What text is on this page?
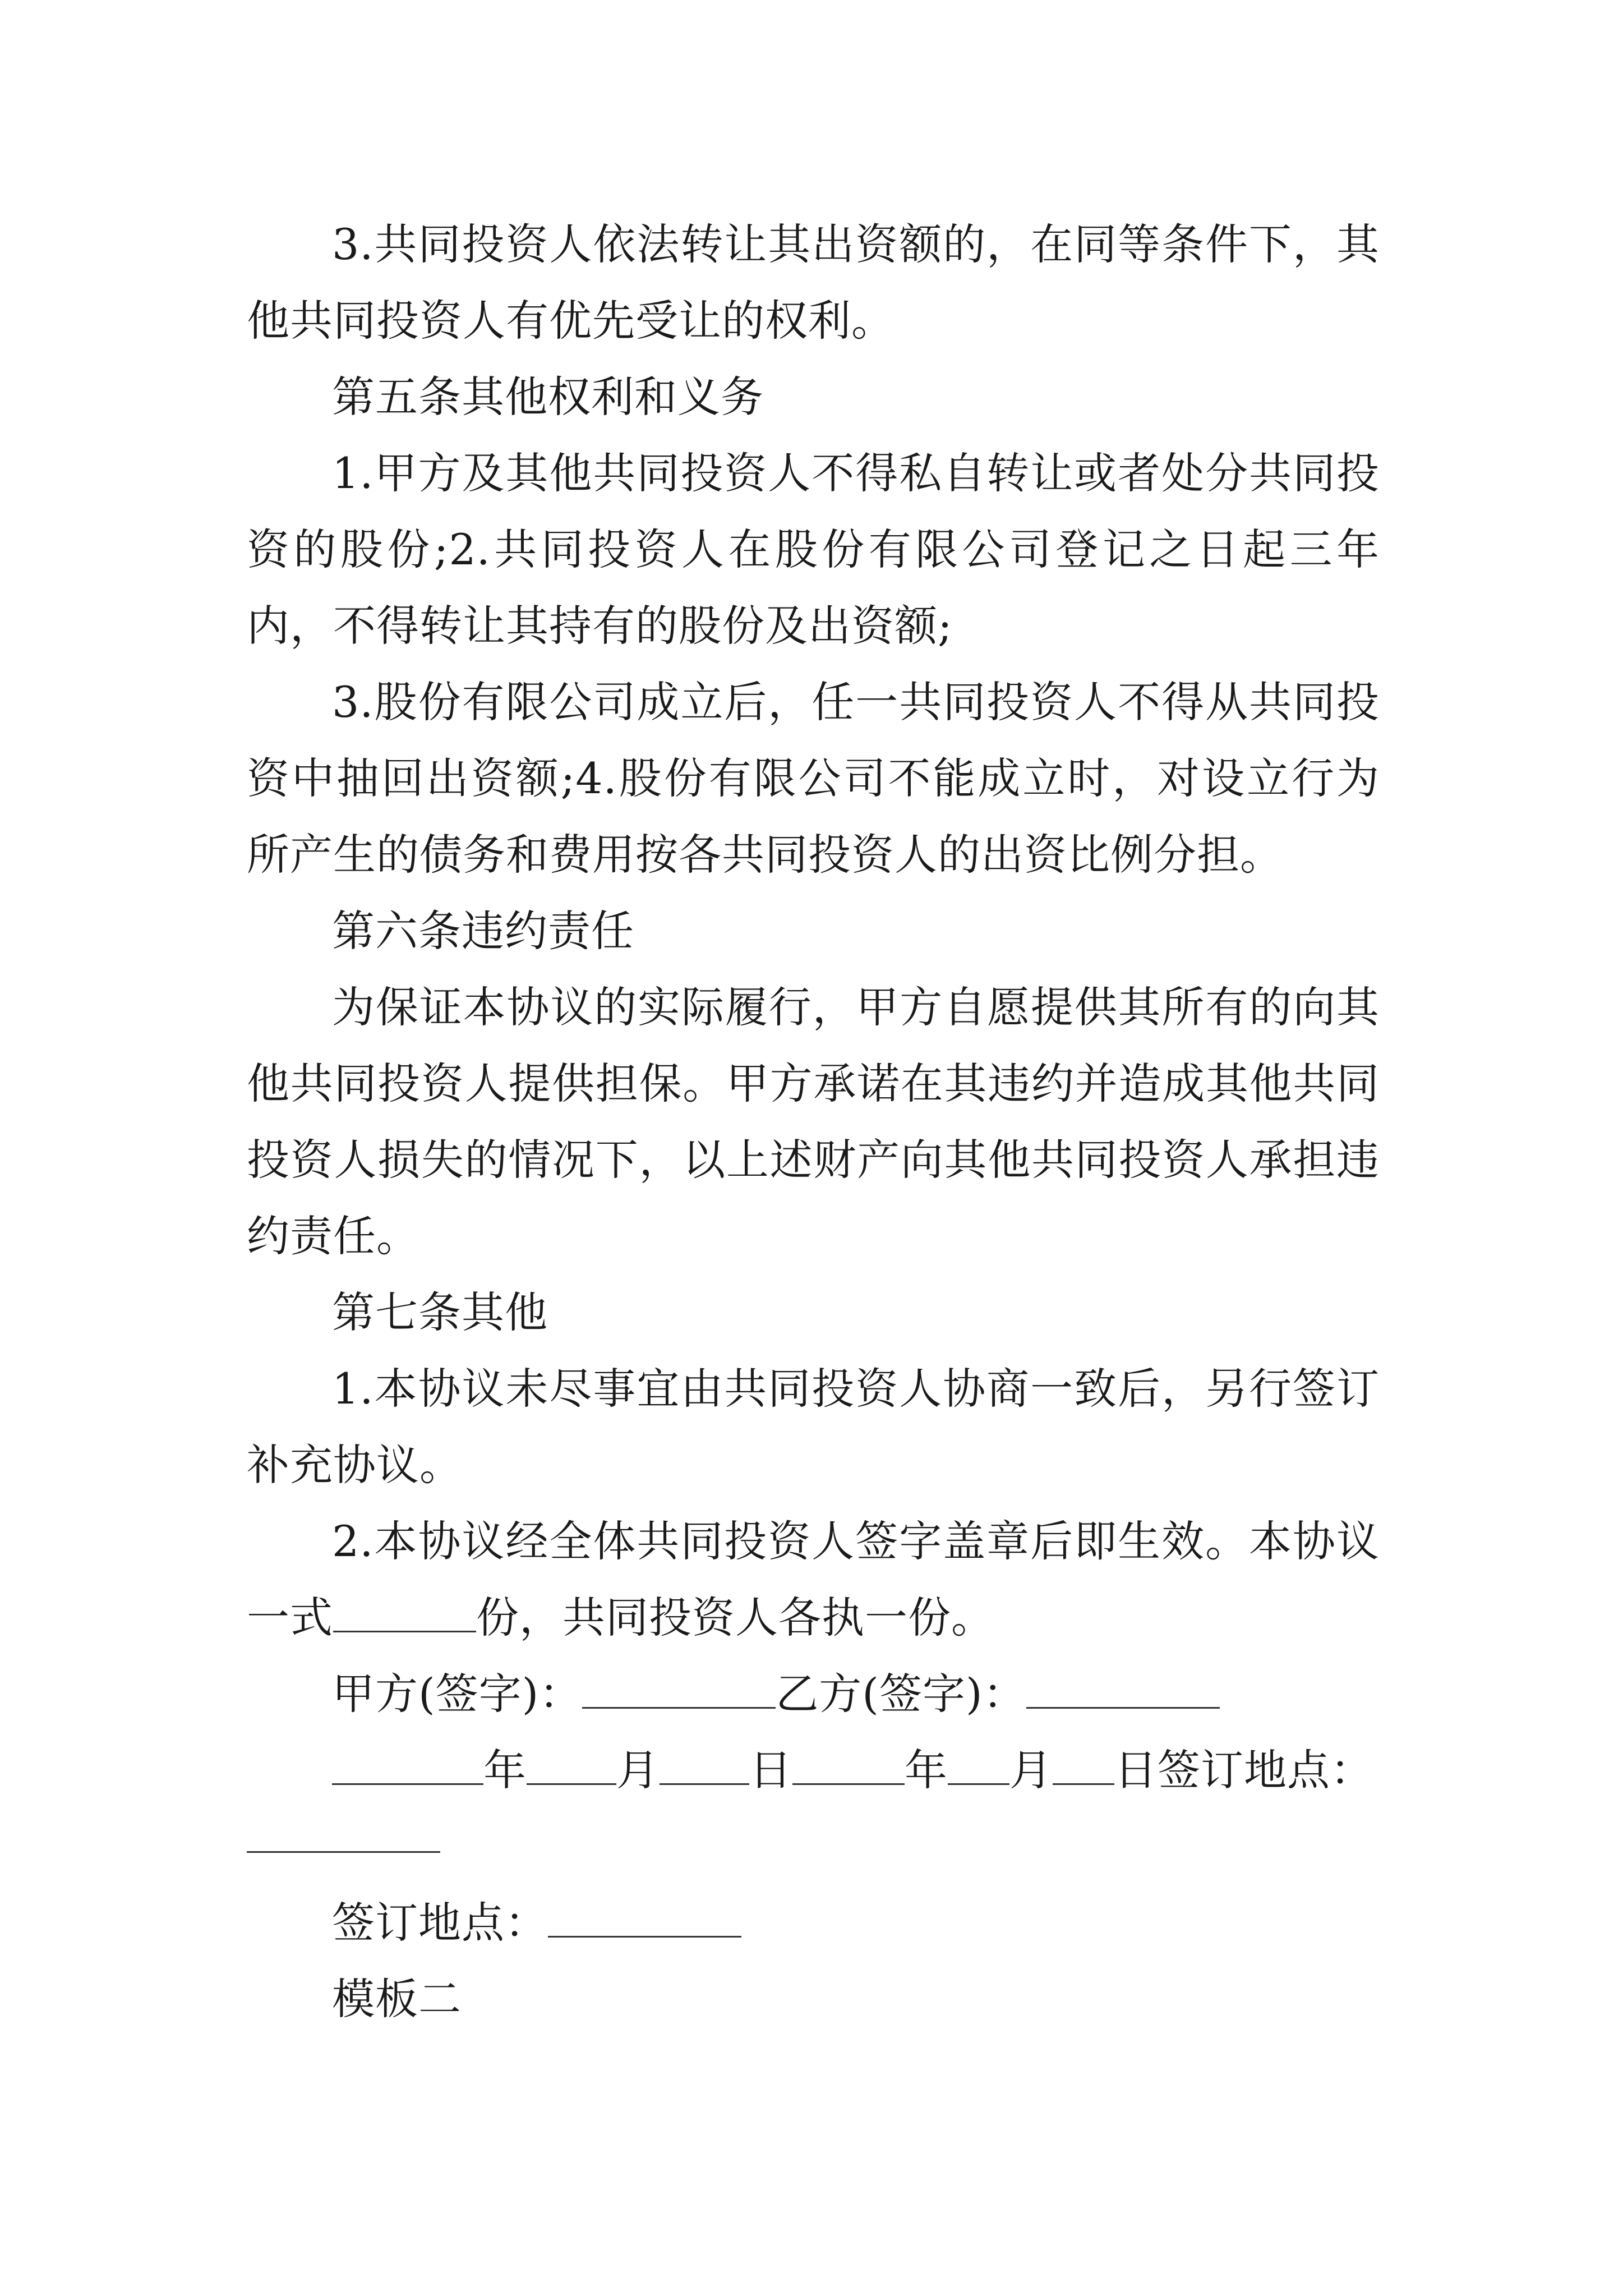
3.共同投资人依法转让其出资额的，在同等条件下，其他共同投资人有优先受让的权利。

第五条其他权利和义务

1.甲方及其他共同投资人不得私自转让或者处分共同投资的股份;2.共同投资人在股份有限公司登记之日起三年内，不得转让其持有的股份及出资额;

3.股份有限公司成立后，任一共同投资人不得从共同投资中抽回出资额;4.股份有限公司不能成立时，对设立行为所产生的债务和费用按各共同投资人的出资比例分担。

第六条违约责任

为保证本协议的实际履行，甲方自愿提供其所有的向其他共同投资人提供担保。甲方承诺在其违约并造成其他共同投资人损失的情况下，以上述财产向其他共同投资人承担违约责任。

第七条其他

1.本协议未尽事宜由共同投资人协商一致后，另行签订补充协议。

2.本协议经全体共同投资人签字盖章后即生效。本协议一式	份，共同投资人各执一份。

甲方(签字)：	乙方(签字)：

年 月 日	年 月 日签订地点：

签订地点：

模板二
